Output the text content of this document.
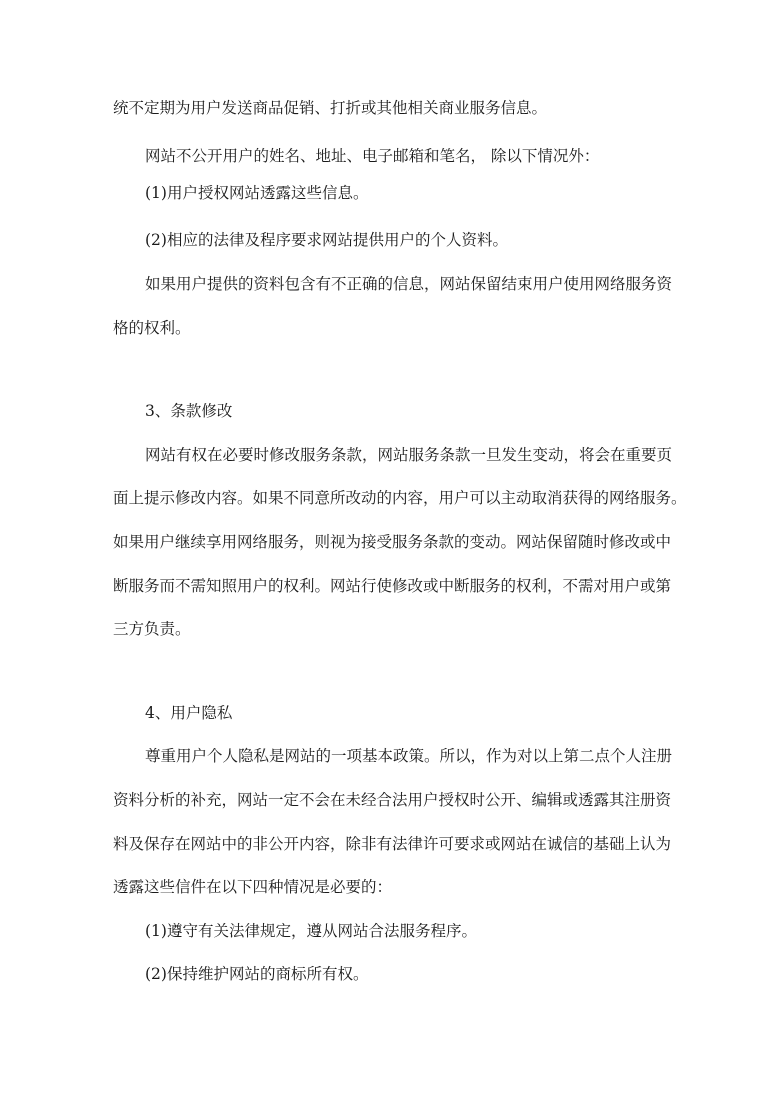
统不定期为用户发送商品促销、打折或其他相关商业服务信息。
网站不公开用户的姓名、地址、电子邮箱和笔名， 除以下情况外：
(1)用户授权网站透露这些信息。
(2)相应的法律及程序要求网站提供用户的个人资料。
如果用户提供的资料包含有不正确的信息，网站保留结束用户使用网络服务资
格的权利。
3、条款修改
网站有权在必要时修改服务条款，网站服务条款一旦发生变动，将会在重要页
面上提示修改内容。如果不同意所改动的内容，用户可以主动取消获得的网络服务。
如果用户继续享用网络服务，则视为接受服务条款的变动。网站保留随时修改或中
断服务而不需知照用户的权利。网站行使修改或中断服务的权利，不需对用户或第
三方负责。
4、用户隐私
尊重用户个人隐私是网站的一项基本政策。所以，作为对以上第二点个人注册
资料分析的补充，网站一定不会在未经合法用户授权时公开、编辑或透露其注册资
料及保存在网站中的非公开内容，除非有法律许可要求或网站在诚信的基础上认为
透露这些信件在以下四种情况是必要的：
(1)遵守有关法律规定，遵从网站合法服务程序。
(2)保持维护网站的商标所有权。
